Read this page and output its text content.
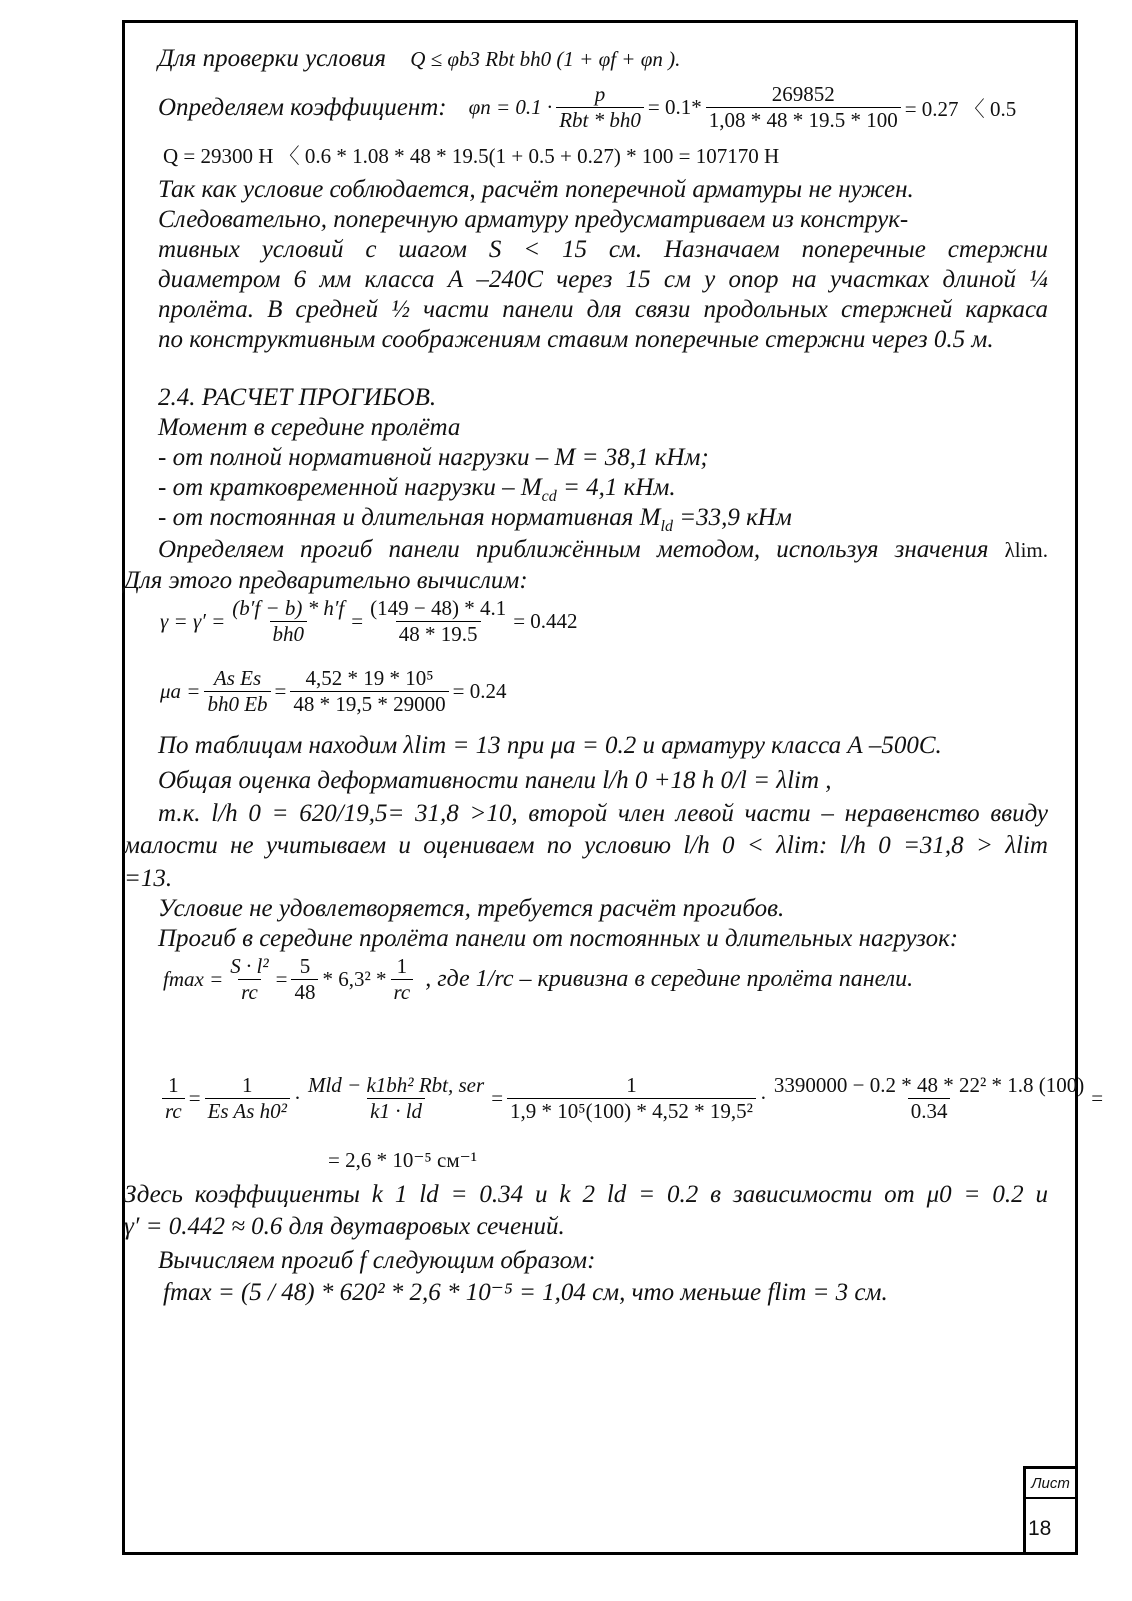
Лист
18
Для проверки условия Q ≤ φb3 Rbt bh0 (1 + φf + φn ).
Определяем коэффициент: $\varphi n = 0.1 \cdot \frac{p}{\text{Rbt * bh0}} = 0.1* \frac{269852}{1,08 * 48 * 19.5 * 100} = 0.27$ 〈 0.5
Q = 29300 H 〈 0.6 * 1.08 * 48 * 19.5(1 + 0.5 + 0.27) * 100 = 107170 H
Так как условие соблюдается, расчёт поперечной арматуры не нужен.
Следовательно, поперечную арматуру предусматриваем из конструк-
тивных условий с шагом S < 15 см. Назначаем поперечные стержни
диаметром 6 мм класса А –240С через 15 см у опор на участках длиной ¼
пролёта. В средней ½ части панели для связи продольных стержней каркаса
по конструктивным соображениям ставим поперечные стержни через 0.5 м.
2.4. РАСЧЕТ ПРОГИБОВ.
Момент в середине пролёта
- от полной нормативной нагрузки – М = 38,1 кНм;
- от кратковременной нагрузки – $М_{cd} = 4,1$ кНм.
- от постоянная и длительная нормативная $М_{ld} =33,9$ кНм
Определяем прогиб панели приближённым методом, используя значения λlim.
Для этого предварительно вычислим:
$\gamma = \gamma' = \frac{(b'f - b) * h'f}{bh0} = \frac{(149 - 48) * 4.1}{48 * 19.5} = 0.442$
$\mu a = \frac{\text{As Es}}{bh0 Eb} = \frac{\text{4,52 * 19 * 10⁵}}{48 * 19,5 * 29000} = 0.24$
По таблицам находим λlim = 13 при μa = 0.2 и арматуру класса А –500С.
Общая оценка деформативности панели l/h 0 +18 h 0/l = λlim ,
т.к. l/h 0 = 620/19,5= 31,8 >10, второй член левой части – неравенство ввиду
малости не учитываем и оцениваем по условию l/h 0 < λlim: l/h 0 =31,8 > λlim
=13.
Условие не удовлетворяется, требуется расчёт прогибов.
Прогиб в середине пролёта панели от постоянных и длительных нагрузок:
$fmax = \frac{\text{S · l²}}{rc} = \frac{5}{48} * 6,3^2 * \frac{1}{rc}$ , где 1/rc – кривизна в середине пролёта панели.
$\frac{1}{rc} = \frac{1}{\text{Es As h0²}} \cdot \frac{\text{Mld − k1bh² Rbt, ser}}{k1 \cdot ld} = \frac{1}{\text{1,9 * 10⁵(100) * 4,52 * 19,5²}} \cdot \frac{\text{3390000 − 0.2 * 48 * 22² * 1.8 (100)}}{0.34}$ =
= 2,6 * 10⁻⁵ см⁻¹
Здесь коэффициенты k 1 ld = 0.34 и k 2 ld = 0.2 в зависимости от μ0 = 0.2 и
γ′ = 0.442 ≈ 0.6 для двутавровых сечений.
Вычисляем прогиб f следующим образом:
fmax = (5 / 48) * 620² * 2,6 * 10⁻⁵ = 1,04 см, что меньше flim = 3 см.
